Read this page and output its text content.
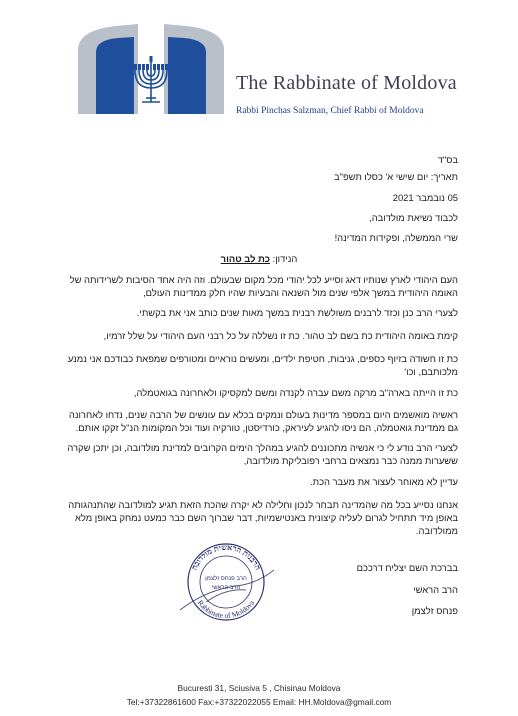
The Rabbinate of Moldova
Rabbi Pinchas Salzman, Chief Rabbi of Moldova
בס"ד
תאריך: יום שישי א' כסלו תשפ"ב
05 נובמבר 2021
לכבוד נשיאת מולדובה,
שרי הממשלה, ופקידות המדינה!
הנידון: כת לב טהור
העם היהודי לארץ שנותיו דאג וסייע לכל יהודי מכל מקום שבעולם. וזה היה אחד הסיבות לשרידותה של האומה היהודית במשך אלפי שנים מול השנאה והבעיות שהיו חלק ממדינות העולם,
לצערי הרב כנן וכזד לרבנים משולשת רבנית במשך מאות שנים כותב אני את בקשתי.
קימת באומה היהודית כת בשם לב טהור. כת זו נשללה על כל רבני העם היהודי על שלל זרמיו,
כת זו חשודה בזיוף כספים, גניבות, חטיפת ילדים, ומעשים נוראיים ומטורפים שמפאת כבודכם אני נמנע מלכותבם, וכו'
כת זו הייתה בארה"ב מרקה משם עברה לקנדה ומשם למקסיקו ולאחרונה בגואטמלה,
ראשיה מואשמים היום במספר מדינות בעולם ונמקים בכלא עם עונשים של הרבה שנים, נדחו לאחרונה גם ממדינת גואטמלה, הם ניסו להגיע לעיראק, כורדיסטן, טורקיה ועוד וכל המקומות הנ"ל זקקו אותם.
לצערי הרב נודע לי כי אנשיה מתכוננים להגיע במהלך הימים הקרובים למדינת מולדובה, וכן יתכן שקרה ששערות ממנה כבר נמצאים ברחבי רפובליקת מולדובה,
עדיין לא מאוחר לעצור את מעבר הכת.
אנחנו נסייע בכל מה שהמדינה תבחר לנכון וחלילה לא יקרה שהכת הזאת תגיע למולדובה שהתנהגותה באופן מיד תתחיל לגרום לעליה קיצונית באנטישמיות, דבר שברוך השם כבר כמעט נמחק באופן מלא ממולדובה.
בברכת השם יצליח דרככם
הרב הראשי
פנחס זלצמן
הרבנות הראשית מולדובה
Rabbinate of Moldova
הרב פנחס זלצמן
הרב הראשי
Bucuresti 31, Sciusiva 5 , Chisinau Moldova
Tel:+37322861600 Fax:+37322022055 Email: HH.Moldova@gmail.com
